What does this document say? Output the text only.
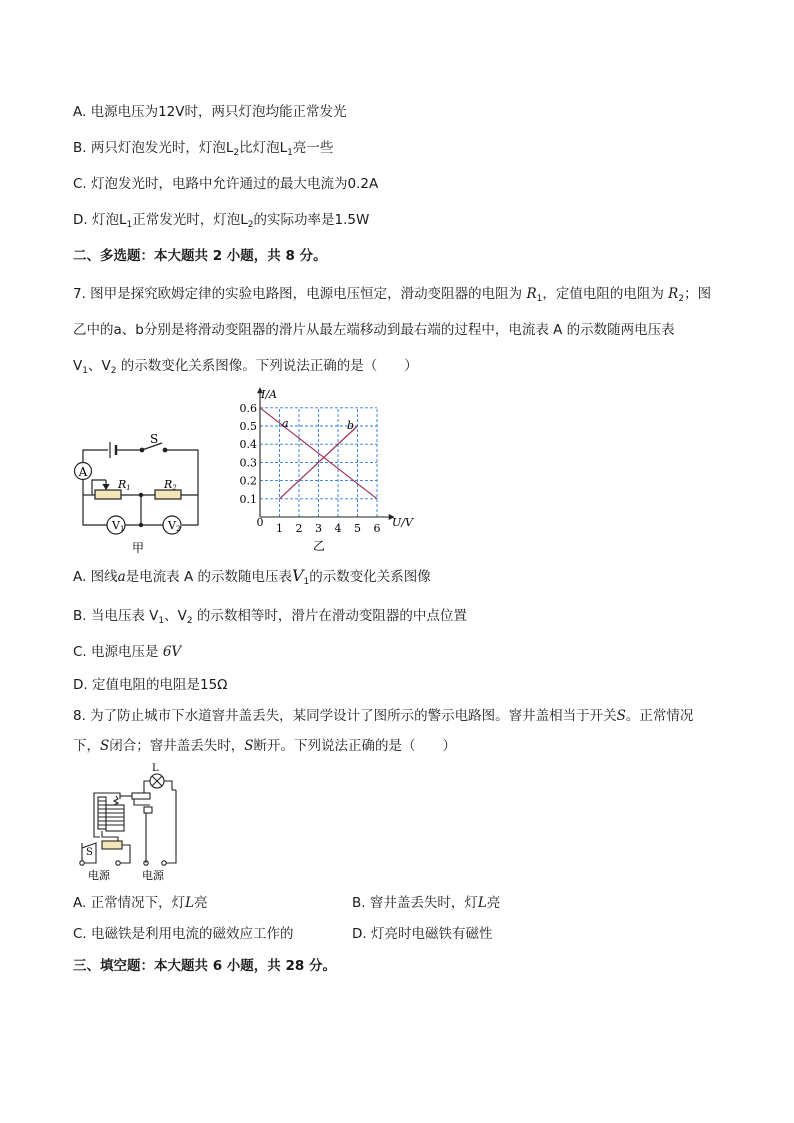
A. 电源电压为12V时，两只灯泡均能正常发光
B. 两只灯泡发光时，灯泡$L_2$比灯泡$L_1$亮一些
C. 灯泡发光时，电路中允许通过的最大电流为0.2A
D. 灯泡$L_1$正常发光时，灯泡$L_2$的实际功率是1.5W
二、多选题：本大题共 2 小题，共 8 分。
7. 图甲是探究欧姆定律的实验电路图，电源电压恒定，滑动变阻器的电阻为 $R_1$，定值电阻的电阻为 $R_2$；图
乙中的a、b分别是将滑动变阻器的滑片从最左端移动到最右端的过程中，电流表 A 的示数随两电压表
$V_1$、$V_2$ 的示数变化关系图像。下列说法正确的是（　　）
A
S
R1	R2
V1	V2
甲
1 2 3 4 5 6
0.1
0.2
0.3
0.4
0.5
0.6
I/A
U/V
a	b
0
乙
A. 图线a是电流表 A 的示数随电压表$V_1$的示数变化关系图像
B. 当电压表 $V_1$、$V_2$ 的示数相等时，滑片在滑动变阻器的中点位置
C. 电源电压是 6V
D. 定值电阻的电阻是15Ω
8. 为了防止城市下水道窨井盖丢失，某同学设计了图所示的警示电路图。窨井盖相当于开关S。正常情况
下，S闭合；窨井盖丢失时，S断开。下列说法正确的是（　　）
L
S
电源	电源
A. 正常情况下，灯L亮	B. 窨井盖丢失时，灯L亮
C. 电磁铁是利用电流的磁效应工作的	D. 灯亮时电磁铁有磁性
三、填空题：本大题共 6 小题，共 28 分。
